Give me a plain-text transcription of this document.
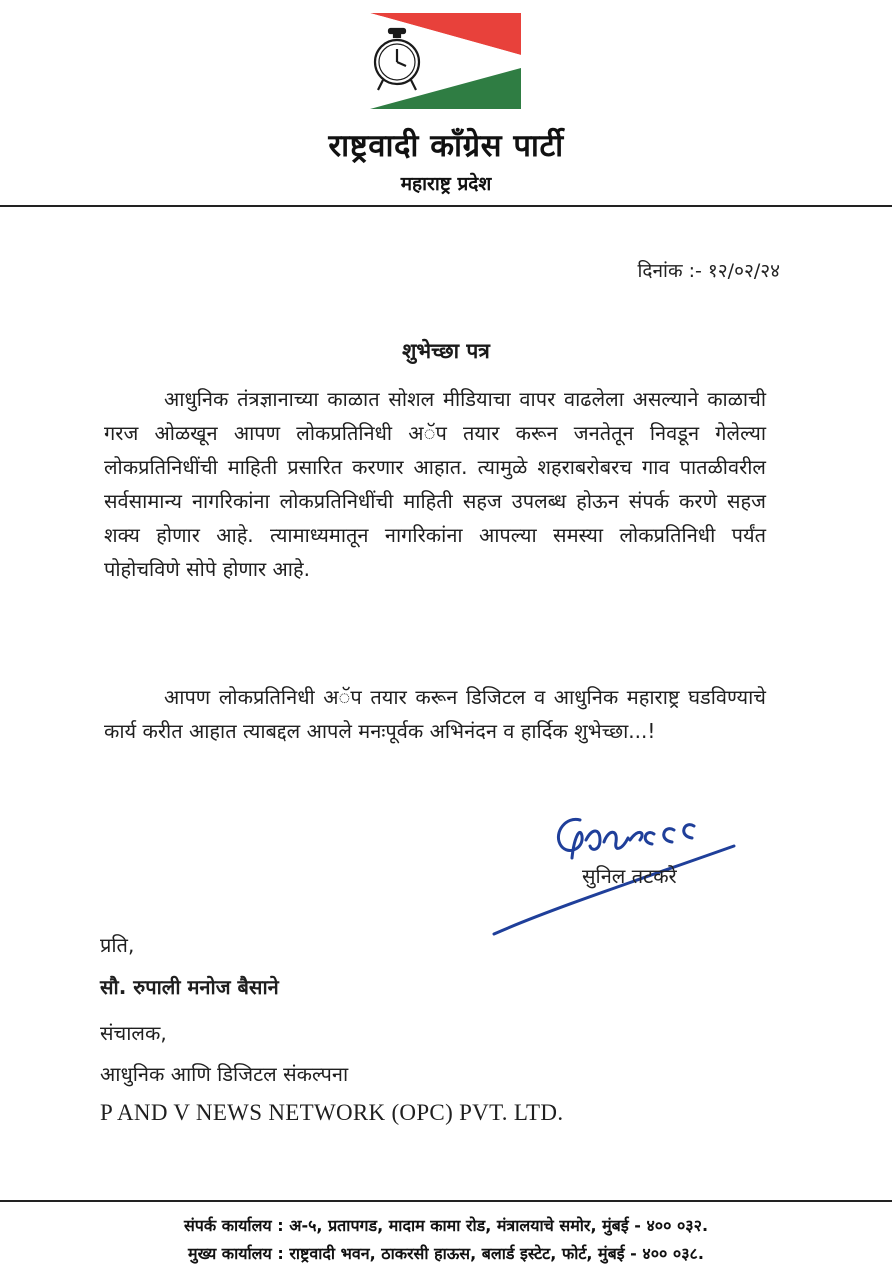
राष्ट्रवादी काँग्रेस पार्टी
महाराष्ट्र प्रदेश
दिनांक :- १२/०२/२४
शुभेच्छा पत्र

आधुनिक तंत्रज्ञानाच्या काळात सोशल मीडियाचा वापर वाढलेला असल्याने काळाची गरज ओळखून आपण लोकप्रतिनिधी अॅप तयार करून जनतेतून निवडून गेलेल्या लोकप्रतिनिधींची माहिती प्रसारित करणार आहात. त्यामुळे शहराबरोबरच गाव पातळीवरील सर्वसामान्य नागरिकांना लोकप्रतिनिधींची माहिती सहज उपलब्ध होऊन संपर्क करणे सहज शक्य होणार आहे. त्यामाध्यमातून नागरिकांना आपल्या समस्या लोकप्रतिनिधी पर्यंत पोहोचविणे सोपे होणार आहे.

आपण लोकप्रतिनिधी अॅप तयार करून डिजिटल व आधुनिक महाराष्ट्र घडविण्याचे कार्य करीत आहात त्याबद्दल आपले मनःपूर्वक अभिनंदन व हार्दिक शुभेच्छा...!

सुनिल तटकरे
प्रति,
सौ. रुपाली मनोज बैसाने
संचालक,
आधुनिक आणि डिजिटल संकल्पना
P AND V NEWS NETWORK (OPC) PVT. LTD.
संपर्क कार्यालय : अ-५, प्रतापगड, मादाम कामा रोड, मंत्रालयाचे समोर, मुंबई - ४०० ०३२.
मुख्य कार्यालय : राष्ट्रवादी भवन, ठाकरसी हाऊस, बलार्ड इस्टेट, फोर्ट, मुंबई - ४०० ०३८.
